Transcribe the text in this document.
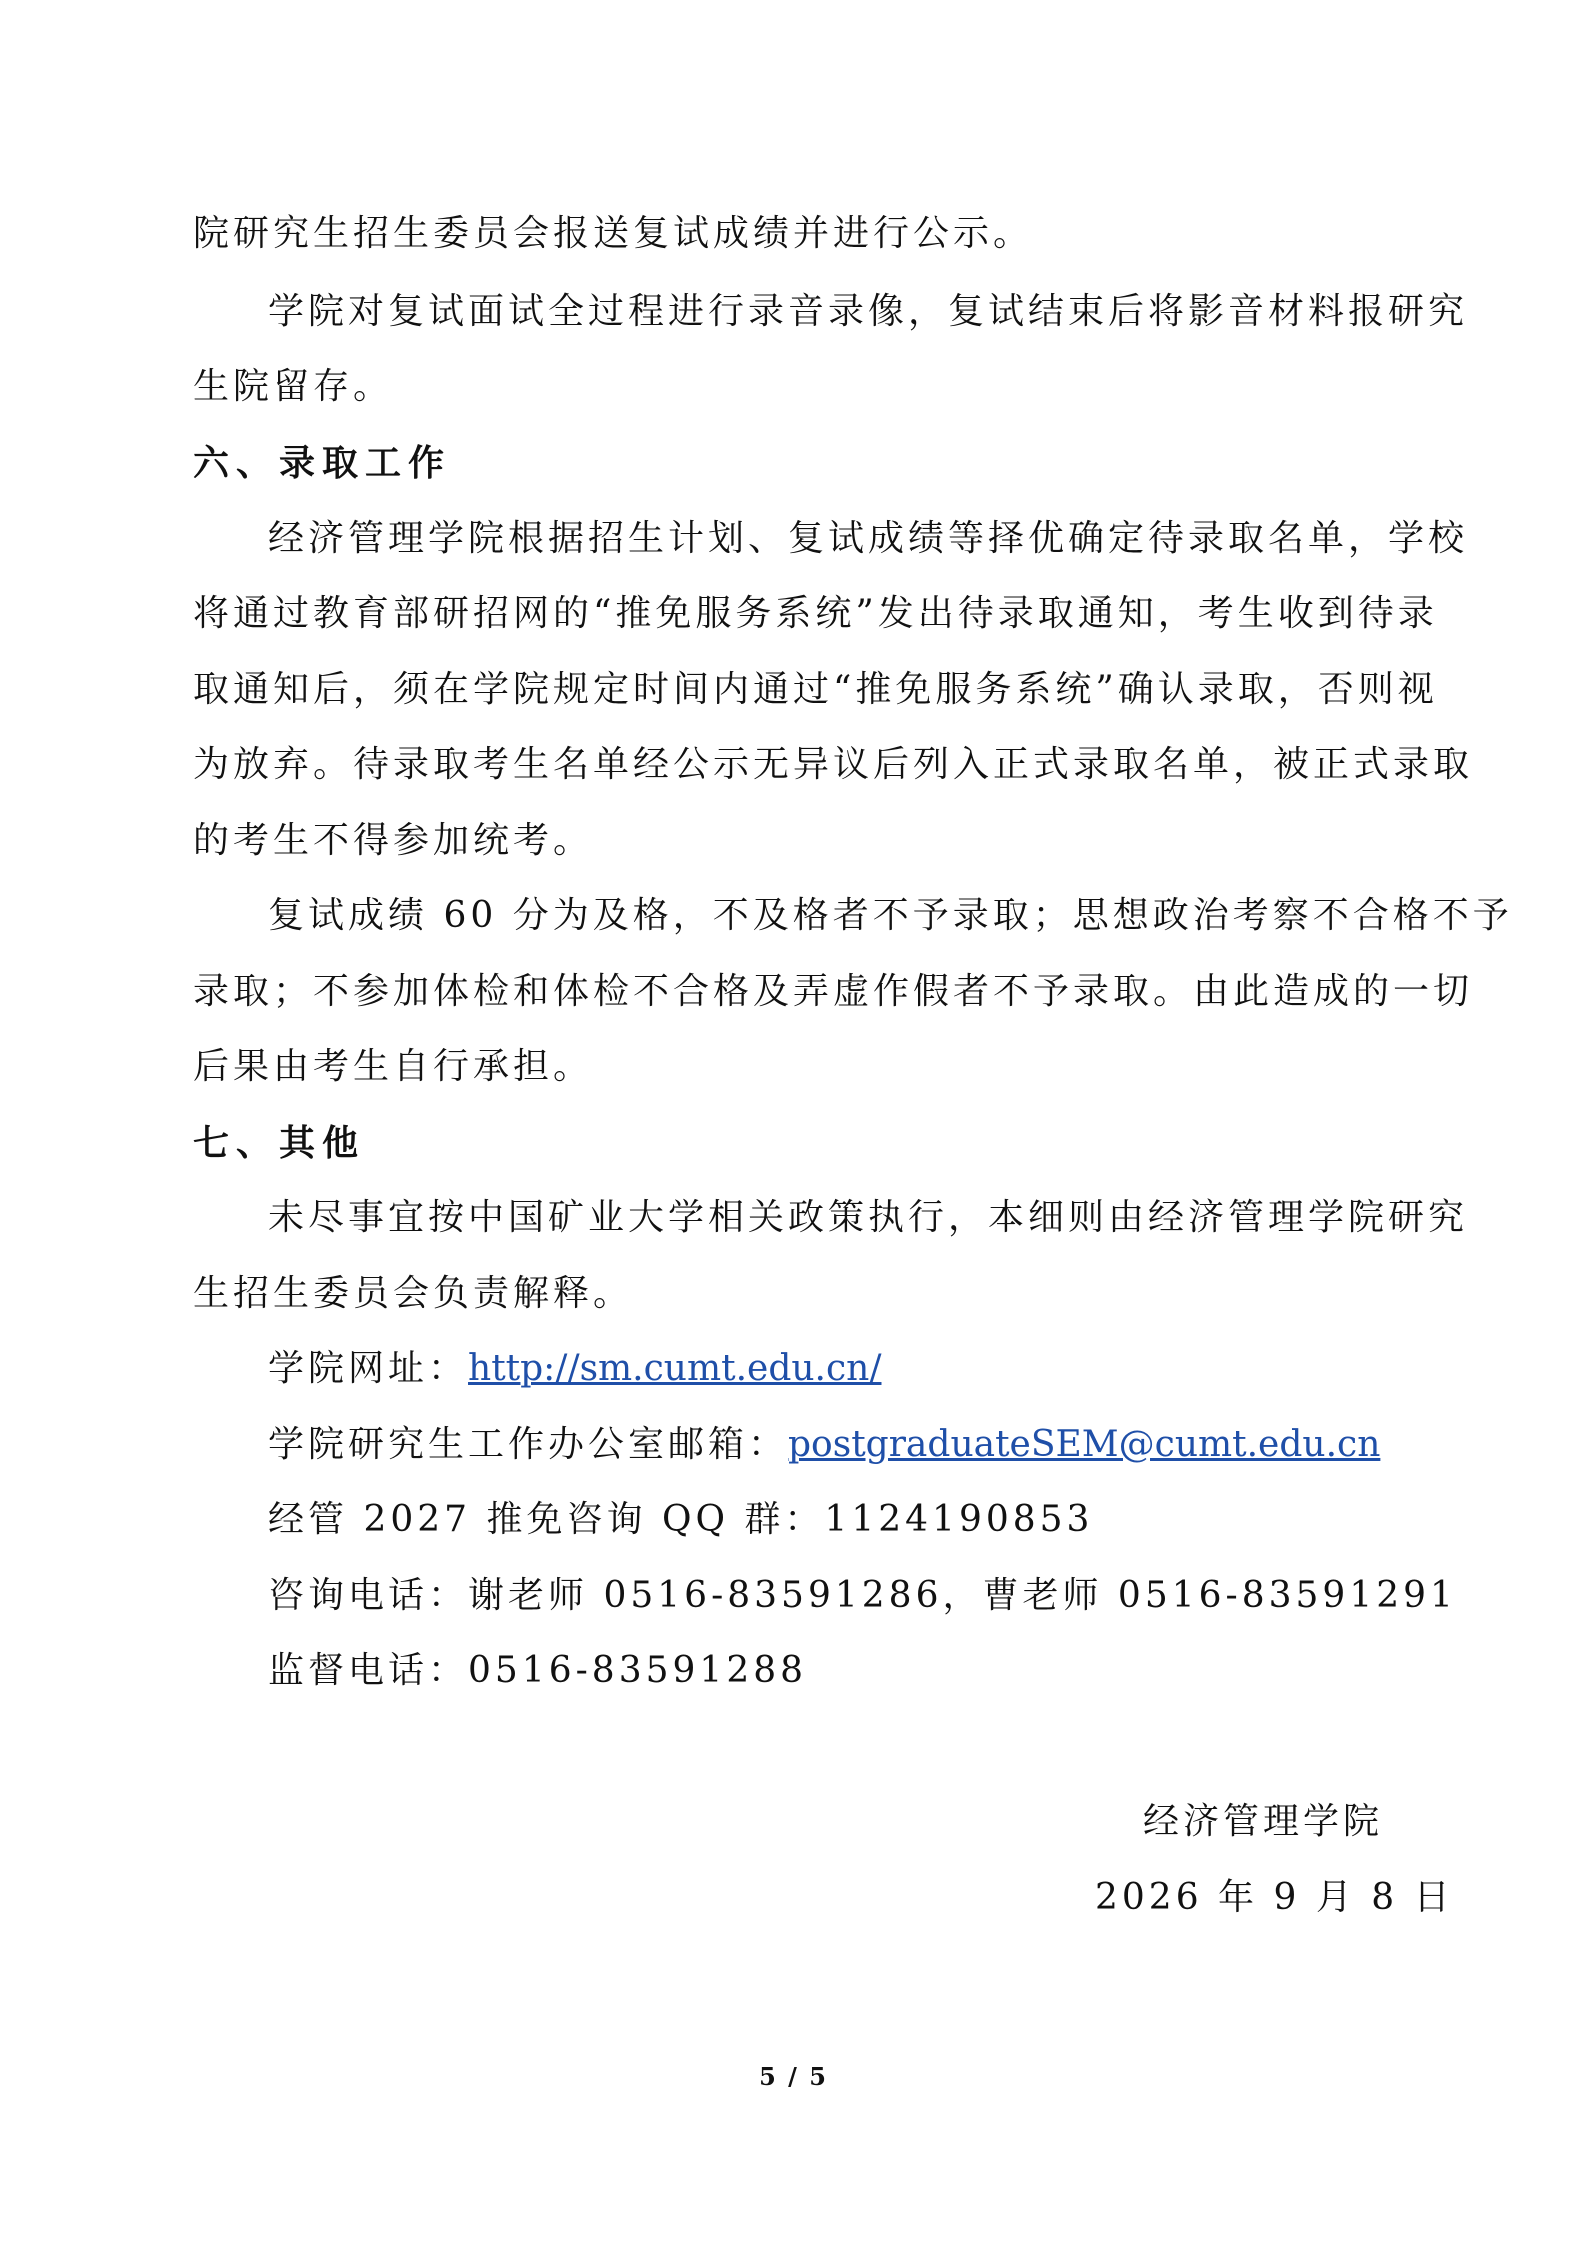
院研究生招生委员会报送复试成绩并进行公示。
学院对复试面试全过程进行录音录像，复试结束后将影音材料报研究
生院留存。
六、录取工作
经济管理学院根据招生计划、复试成绩等择优确定待录取名单，学校
将通过教育部研招网的“推免服务系统”发出待录取通知，考生收到待录
取通知后，须在学院规定时间内通过“推免服务系统”确认录取，否则视
为放弃。待录取考生名单经公示无异议后列入正式录取名单，被正式录取
的考生不得参加统考。
复试成绩 60 分为及格，不及格者不予录取；思想政治考察不合格不予
录取；不参加体检和体检不合格及弄虚作假者不予录取。由此造成的一切
后果由考生自行承担。
七、其他
未尽事宜按中国矿业大学相关政策执行，本细则由经济管理学院研究
生招生委员会负责解释。
学院网址：http://sm.cumt.edu.cn/
学院研究生工作办公室邮箱：postgraduateSEM@cumt.edu.cn
经管 2027 推免咨询 QQ 群：1124190853
咨询电话：谢老师 0516-83591286，曹老师 0516-83591291
监督电话：0516-83591288
经济管理学院
2026 年 9 月 8 日
5 / 5
